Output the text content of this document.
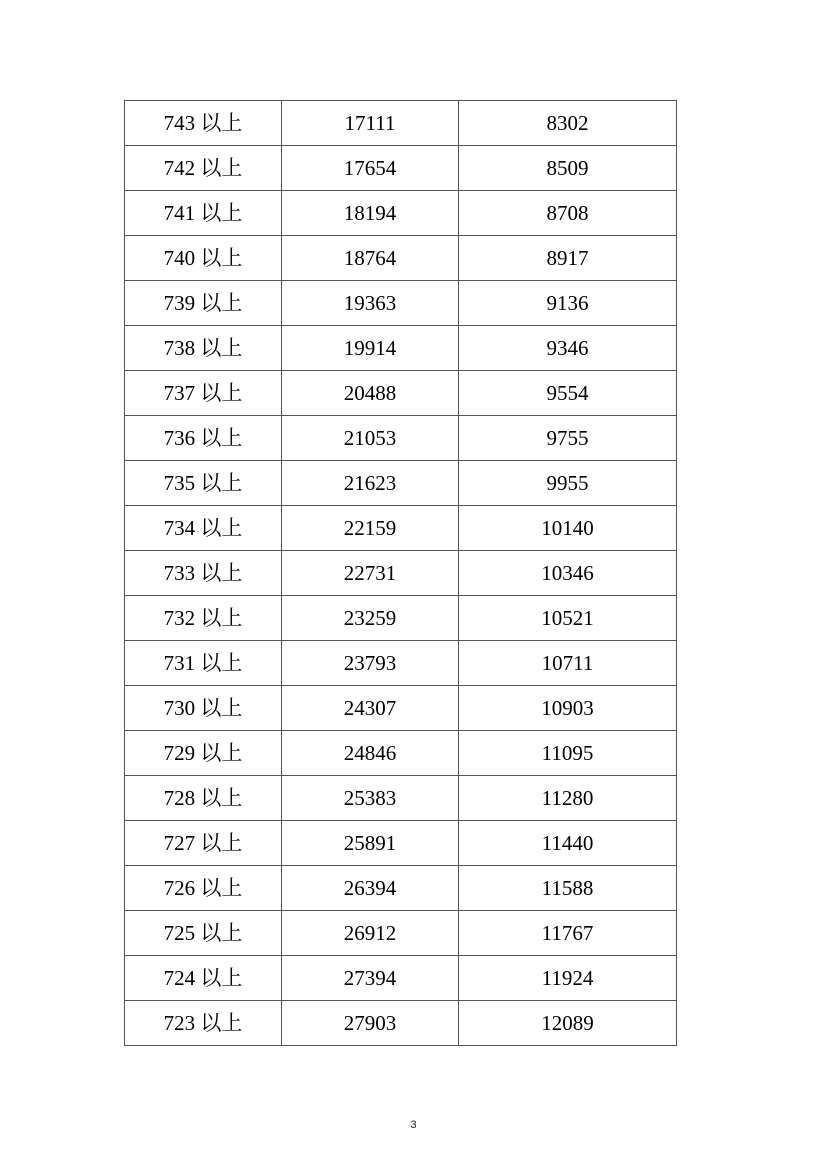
743 以上	17111	8302
742 以上	17654	8509
741 以上	18194	8708
740 以上	18764	8917
739 以上	19363	9136
738 以上	19914	9346
737 以上	20488	9554
736 以上	21053	9755
735 以上	21623	9955
734 以上	22159	10140
733 以上	22731	10346
732 以上	23259	10521
731 以上	23793	10711
730 以上	24307	10903
729 以上	24846	11095
728 以上	25383	11280
727 以上	25891	11440
726 以上	26394	11588
725 以上	26912	11767
724 以上	27394	11924
723 以上	27903	12089
3
